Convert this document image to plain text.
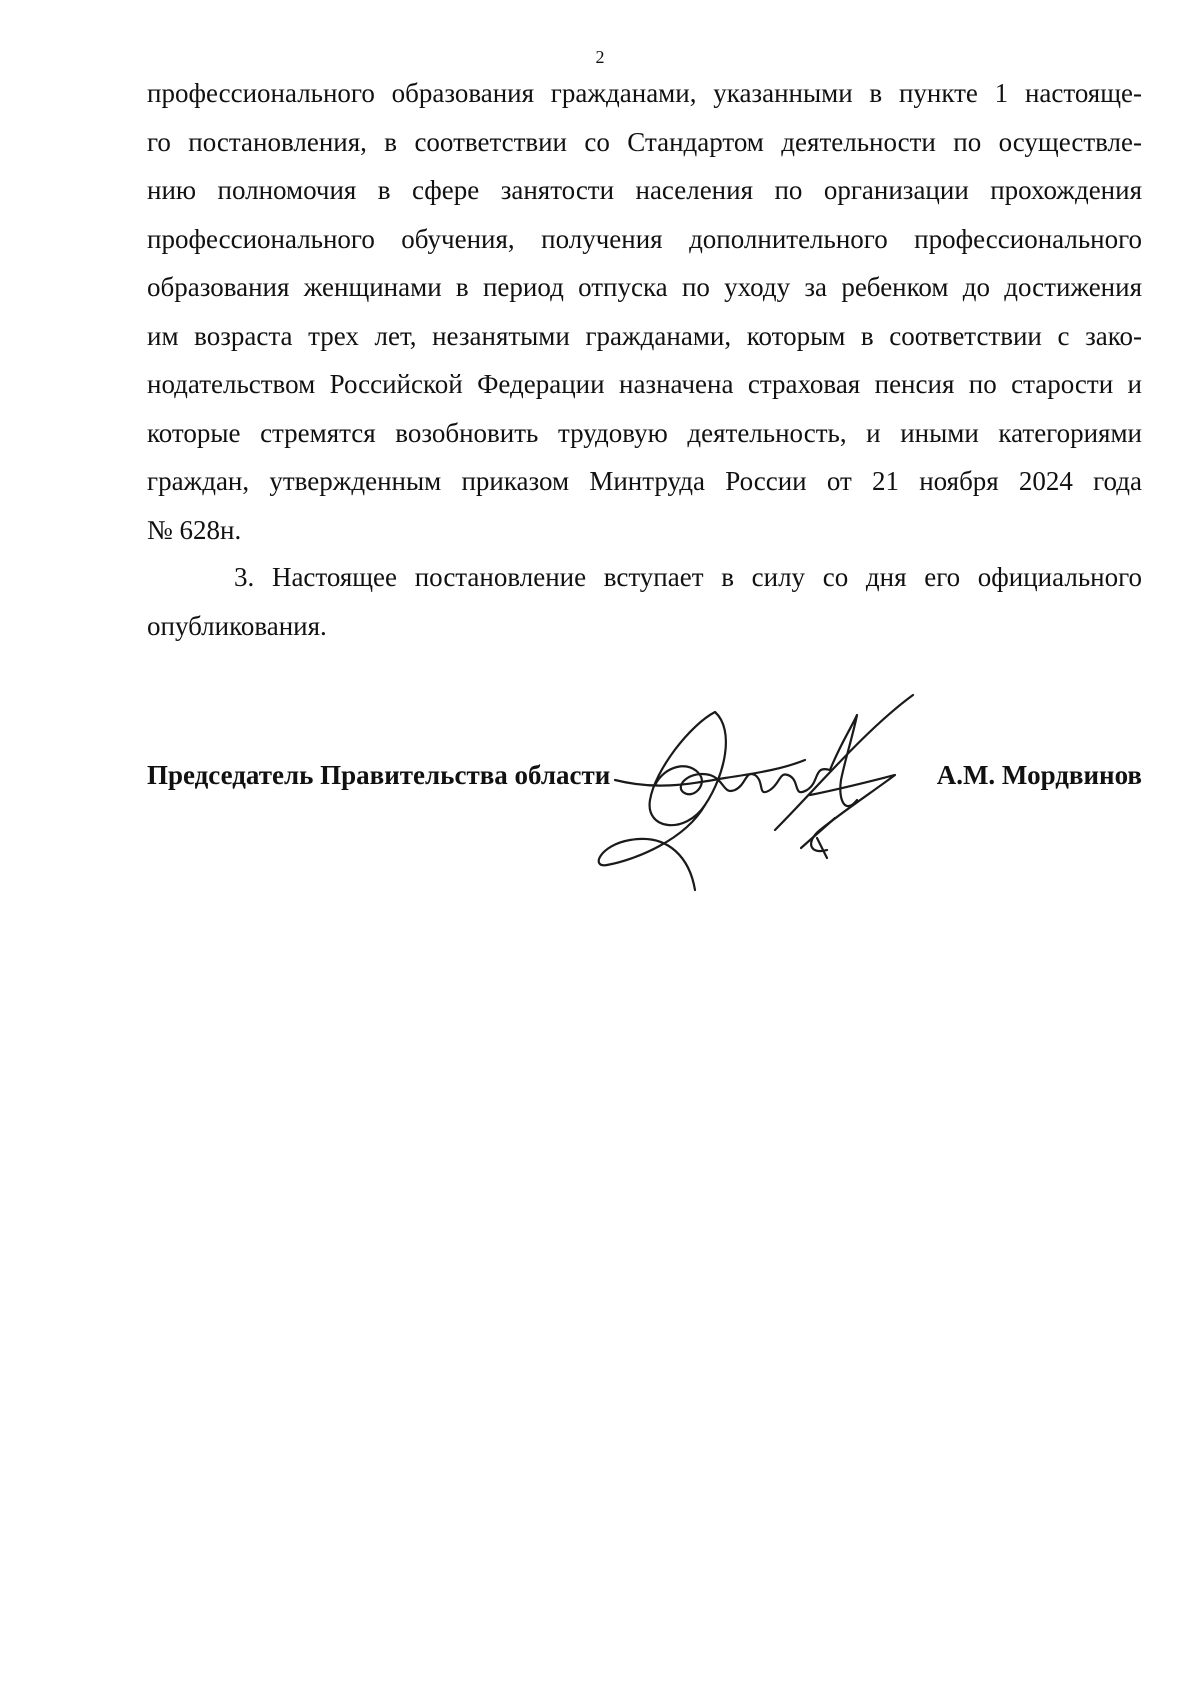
2
профессионального образования гражданами, указанными в пункте 1 настояще-
го постановления, в соответствии со Стандартом деятельности по осуществле-
нию полномочия в сфере занятости населения по организации прохождения
профессионального обучения, получения дополнительного профессионального
образования женщинами в период отпуска по уходу за ребенком до достижения
им возраста трех лет, незанятыми гражданами, которым в соответствии с зако-
нодательством Российской Федерации назначена страховая пенсия по старости и
которые стремятся возобновить трудовую деятельность, и иными категориями
граждан, утвержденным приказом Минтруда России от 21 ноября 2024 года
№ 628н.
3. Настоящее постановление вступает в силу со дня его официального
опубликования.
Председатель Правительства области	А.М. Мордвинов
